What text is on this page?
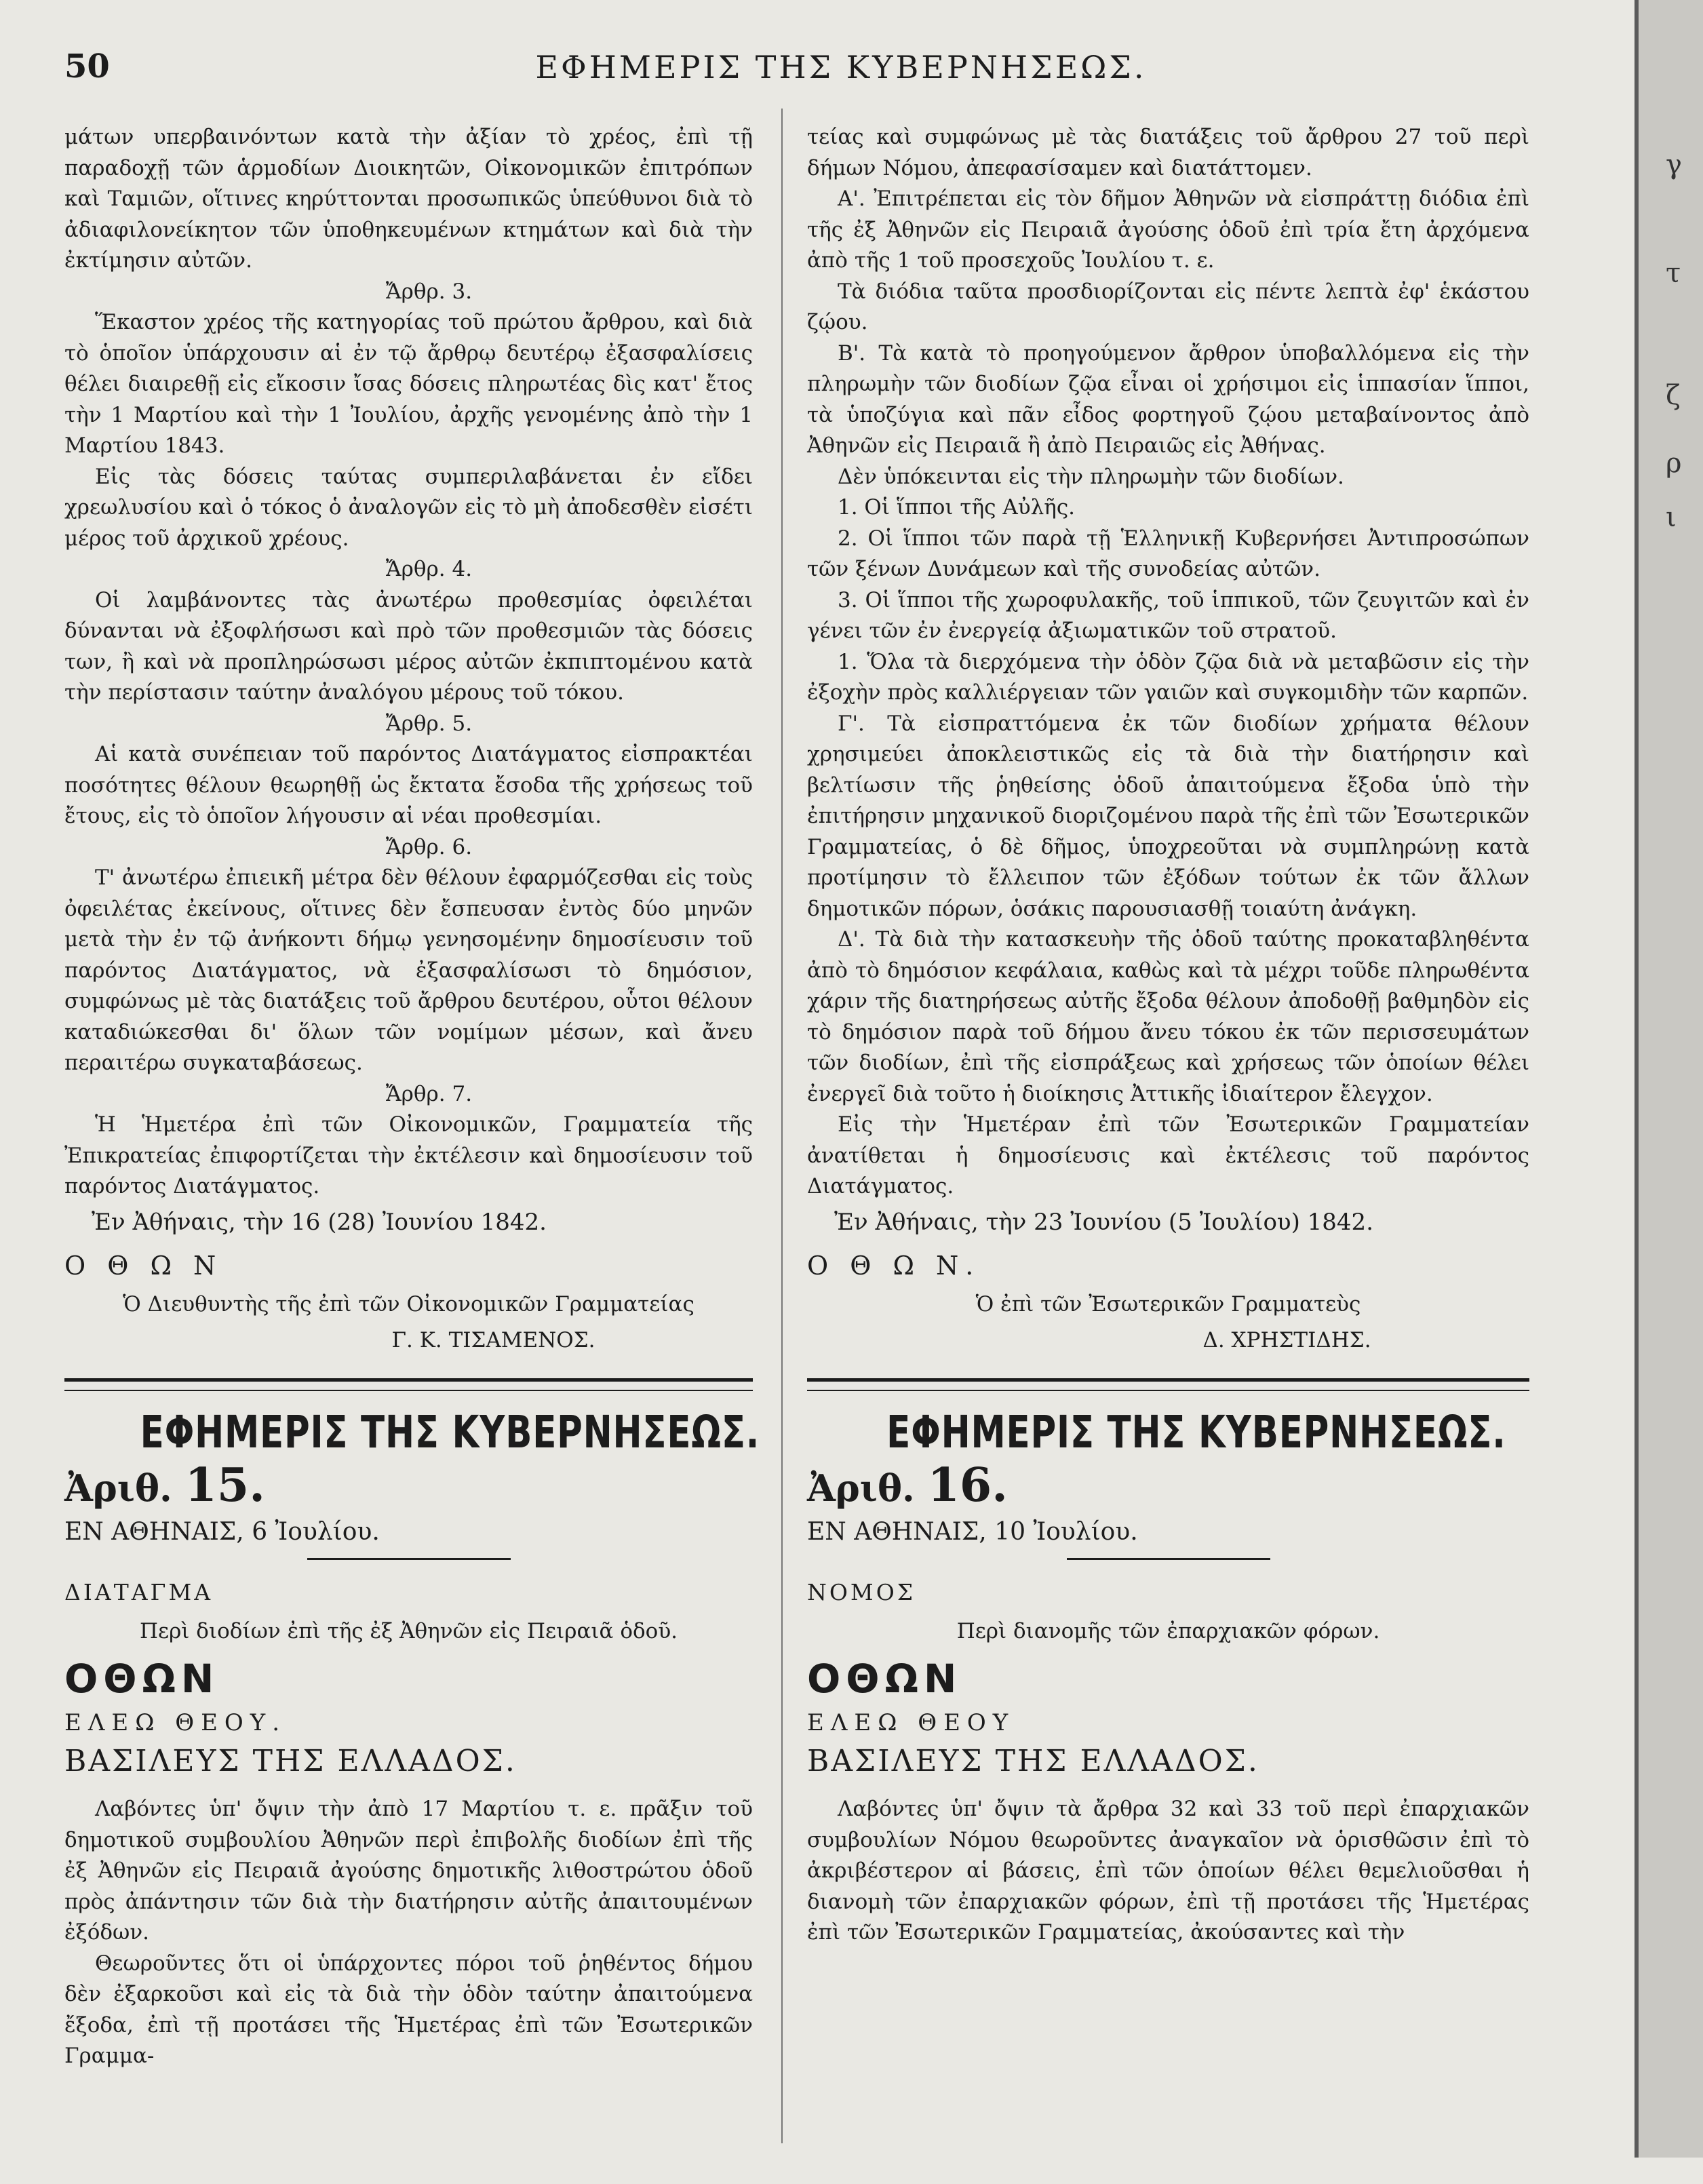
γ
τ
ζ
ρ
ι
50	ΕΦΗΜΕΡΙΣ ΤΗΣ ΚΥΒΕΡΝΗΣΕΩΣ.

μάτων υπερβαινόντων κατὰ τὴν ἀξίαν τὸ χρέος, ἐπὶ τῇ παραδοχῇ τῶν ἁρμοδίων Διοικητῶν, Οἰκονομικῶν ἐπιτρόπων καὶ Ταμιῶν, οἵτινες κηρύττονται προσωπικῶς ὑπεύθυνοι διὰ τὸ ἀδιαφιλονείκητον τῶν ὑποθηκευμένων κτημάτων καὶ διὰ τὴν ἐκτίμησιν αὐτῶν.

Ἄρθρ. 3.

Ἕκαστον χρέος τῆς κατηγορίας τοῦ πρώτου ἄρθρου, καὶ διὰ τὸ ὁποῖον ὑπάρχουσιν αἱ ἐν τῷ ἄρθρῳ δευτέρῳ ἐξασφαλίσεις θέλει διαιρεθῇ εἰς εἴκοσιν ἴσας δόσεις πληρωτέας δὶς κατ' ἔτος τὴν 1 Μαρτίου καὶ τὴν 1 Ἰουλίου, ἀρχῆς γενομένης ἀπὸ τὴν 1 Μαρτίου 1843.

Εἰς τὰς δόσεις ταύτας συμπεριλαβάνεται ἐν εἴδει χρεωλυσίου καὶ ὁ τόκος ὁ ἀναλογῶν εἰς τὸ μὴ ἀποδεσθὲν εἰσέτι μέρος τοῦ ἀρχικοῦ χρέους.

Ἄρθρ. 4.

Οἱ λαμβάνοντες τὰς ἀνωτέρω προθεσμίας ὀφειλέται δύνανται νὰ ἐξοφλήσωσι καὶ πρὸ τῶν προθεσμιῶν τὰς δόσεις των, ἢ καὶ νὰ προπληρώσωσι μέρος αὐτῶν ἐκπιπτομένου κατὰ τὴν περίστασιν ταύτην ἀναλόγου μέρους τοῦ τόκου.

Ἄρθρ. 5.

Αἱ κατὰ συνέπειαν τοῦ παρόντος Διατάγματος εἰσπρακτέαι ποσότητες θέλουν θεωρηθῇ ὡς ἔκτατα ἔσοδα τῆς χρήσεως τοῦ ἔτους, εἰς τὸ ὁποῖον λήγουσιν αἱ νέαι προθεσμίαι.

Ἄρθρ. 6.

Τ' ἀνωτέρω ἐπιεικῆ μέτρα δὲν θέλουν ἐφαρμόζεσθαι εἰς τοὺς ὀφειλέτας ἐκείνους, οἵτινες δὲν ἔσπευσαν ἐντὸς δύο μηνῶν μετὰ τὴν ἐν τῷ ἀνήκοντι δήμῳ γενησομένην δημοσίευσιν τοῦ παρόντος Διατάγματος, νὰ ἐξασφαλίσωσι τὸ δημόσιον, συμφώνως μὲ τὰς διατάξεις τοῦ ἄρθρου δευτέρου, οὗτοι θέλουν καταδιώκεσθαι δι' ὅλων τῶν νομίμων μέσων, καὶ ἄνευ περαιτέρω συγκαταβάσεως.

Ἄρθρ. 7.

Ἡ Ἡμετέρα ἐπὶ τῶν Οἰκονομικῶν, Γραμματεία τῆς Ἐπικρατείας ἐπιφορτίζεται τὴν ἐκτέλεσιν καὶ δημοσίευσιν τοῦ παρόντος Διατάγματος.

Ἐν Ἀθήναις, τὴν 16 (28) Ἰουνίου 1842.

Ο Θ Ω Ν

Ὁ Διευθυντὴς τῆς ἐπὶ τῶν Οἰκονομικῶν Γραμματείας

Γ. Κ. ΤΙΣΑΜΕΝΟΣ.

ΕΦΗΜΕΡΙΣ ΤΗΣ ΚΥΒΕΡΝΗΣΕΩΣ.

Ἀριθ. 15.

ΕΝ ΑΘΗΝΑΙΣ, 6 Ἰουλίου.

ΔΙΑΤΑΓΜΑ

Περὶ διοδίων ἐπὶ τῆς ἐξ Ἀθηνῶν εἰς Πειραιᾶ ὁδοῦ.

ΟΘΩΝ

ΕΛΕΩ ΘΕΟΥ.

ΒΑΣΙΛΕΥΣ ΤΗΣ ΕΛΛΑΔΟΣ.

Λαβόντες ὑπ' ὄψιν τὴν ἀπὸ 17 Μαρτίου τ. ε. πρᾶξιν τοῦ δημοτικοῦ συμβουλίου Ἀθηνῶν περὶ ἐπιβολῆς διοδίων ἐπὶ τῆς ἐξ Ἀθηνῶν εἰς Πειραιᾶ ἀγούσης δημοτικῆς λιθοστρώτου ὁδοῦ πρὸς ἀπάντησιν τῶν διὰ τὴν διατήρησιν αὐτῆς ἀπαιτουμένων ἐξόδων.

Θεωροῦντες ὅτι οἱ ὑπάρχοντες πόροι τοῦ ῥηθέντος δήμου δὲν ἐξαρκοῦσι καὶ εἰς τὰ διὰ τὴν ὁδὸν ταύτην ἀπαιτούμενα ἔξοδα, ἐπὶ τῇ προτάσει τῆς Ἡμετέρας ἐπὶ τῶν Ἐσωτερικῶν Γραμμα-

τείας καὶ συμφώνως μὲ τὰς διατάξεις τοῦ ἄρθρου 27 τοῦ περὶ δήμων Νόμου, ἀπεφασίσαμεν καὶ διατάττομεν.

Α'. Ἐπιτρέπεται εἰς τὸν δῆμον Ἀθηνῶν νὰ εἰσπράττῃ διόδια ἐπὶ τῆς ἐξ Ἀθηνῶν εἰς Πειραιᾶ ἀγούσης ὁδοῦ ἐπὶ τρία ἔτη ἀρχόμενα ἀπὸ τῆς 1 τοῦ προσεχοῦς Ἰουλίου τ. ε.

Τὰ διόδια ταῦτα προσδιορίζονται εἰς πέντε λεπτὰ ἐφ' ἑκάστου ζῴου.

Β'. Τὰ κατὰ τὸ προηγούμενον ἄρθρον ὑποβαλλόμενα εἰς τὴν πληρωμὴν τῶν διοδίων ζῷα εἶναι οἱ χρήσιμοι εἰς ἱππασίαν ἵπποι, τὰ ὑποζύγια καὶ πᾶν εἶδος φορτηγοῦ ζῴου μεταβαίνοντος ἀπὸ Ἀθηνῶν εἰς Πειραιᾶ ἢ ἀπὸ Πειραιῶς εἰς Ἀθήνας.

Δὲν ὑπόκεινται εἰς τὴν πληρωμὴν τῶν διοδίων.

1. Οἱ ἵπποι τῆς Αὐλῆς.

2. Οἱ ἵπποι τῶν παρὰ τῇ Ἑλληνικῇ Κυβερνήσει Ἀντιπροσώπων τῶν ξένων Δυνάμεων καὶ τῆς συνοδείας αὐτῶν.

3. Οἱ ἵπποι τῆς χωροφυλακῆς, τοῦ ἱππικοῦ, τῶν ζευγιτῶν καὶ ἐν γένει τῶν ἐν ἐνεργείᾳ ἀξιωματικῶν τοῦ στρατοῦ.

1. Ὅλα τὰ διερχόμενα τὴν ὁδὸν ζῷα διὰ νὰ μεταβῶσιν εἰς τὴν ἐξοχὴν πρὸς καλλιέργειαν τῶν γαιῶν καὶ συγκομιδὴν τῶν καρπῶν.

Γ'. Τὰ εἰσπραττόμενα ἐκ τῶν διοδίων χρήματα θέλουν χρησιμεύει ἀποκλειστικῶς εἰς τὰ διὰ τὴν διατήρησιν καὶ βελτίωσιν τῆς ῥηθείσης ὁδοῦ ἀπαιτούμενα ἔξοδα ὑπὸ τὴν ἐπιτήρησιν μηχανικοῦ διοριζομένου παρὰ τῆς ἐπὶ τῶν Ἐσωτερικῶν Γραμματείας, ὁ δὲ δῆμος, ὑποχρεοῦται νὰ συμπληρώνῃ κατὰ προτίμησιν τὸ ἔλλειπον τῶν ἐξόδων τούτων ἐκ τῶν ἄλλων δημοτικῶν πόρων, ὁσάκις παρουσιασθῇ τοιαύτη ἀνάγκη.

Δ'. Τὰ διὰ τὴν κατασκευὴν τῆς ὁδοῦ ταύτης προκαταβληθέντα ἀπὸ τὸ δημόσιον κεφάλαια, καθὼς καὶ τὰ μέχρι τοῦδε πληρωθέντα χάριν τῆς διατηρήσεως αὐτῆς ἔξοδα θέλουν ἀποδοθῇ βαθμηδὸν εἰς τὸ δημόσιον παρὰ τοῦ δήμου ἄνευ τόκου ἐκ τῶν περισσευμάτων τῶν διοδίων, ἐπὶ τῆς εἰσπράξεως καὶ χρήσεως τῶν ὁποίων θέλει ἐνεργεῖ διὰ τοῦτο ἡ διοίκησις Ἀττικῆς ἰδιαίτερον ἔλεγχον.

Εἰς τὴν Ἡμετέραν ἐπὶ τῶν Ἐσωτερικῶν Γραμματείαν ἀνατίθεται ἡ δημοσίευσις καὶ ἐκτέλεσις τοῦ παρόντος Διατάγματος.

Ἐν Ἀθήναις, τὴν 23 Ἰουνίου (5 Ἰουλίου) 1842.

Ο Θ Ω Ν.

Ὁ ἐπὶ τῶν Ἐσωτερικῶν Γραμματεὺς

Δ. ΧΡΗΣΤΙΔΗΣ.

ΕΦΗΜΕΡΙΣ ΤΗΣ ΚΥΒΕΡΝΗΣΕΩΣ.

Ἀριθ. 16.

ΕΝ ΑΘΗΝΑΙΣ, 10 Ἰουλίου.

ΝΟΜΟΣ

Περὶ διανομῆς τῶν ἐπαρχιακῶν φόρων.

ΟΘΩΝ

ΕΛΕΩ ΘΕΟΥ

ΒΑΣΙΛΕΥΣ ΤΗΣ ΕΛΛΑΔΟΣ.

Λαβόντες ὑπ' ὄψιν τὰ ἄρθρα 32 καὶ 33 τοῦ περὶ ἐπαρχιακῶν συμβουλίων Νόμου θεωροῦντες ἀναγκαῖον νὰ ὁρισθῶσιν ἐπὶ τὸ ἀκριβέστερον αἱ βάσεις, ἐπὶ τῶν ὁποίων θέλει θεμελιοῦσθαι ἡ διανομὴ τῶν ἐπαρχιακῶν φόρων, ἐπὶ τῇ προτάσει τῆς Ἡμετέρας ἐπὶ τῶν Ἐσωτερικῶν Γραμματείας, ἀκούσαντες καὶ τὴν
